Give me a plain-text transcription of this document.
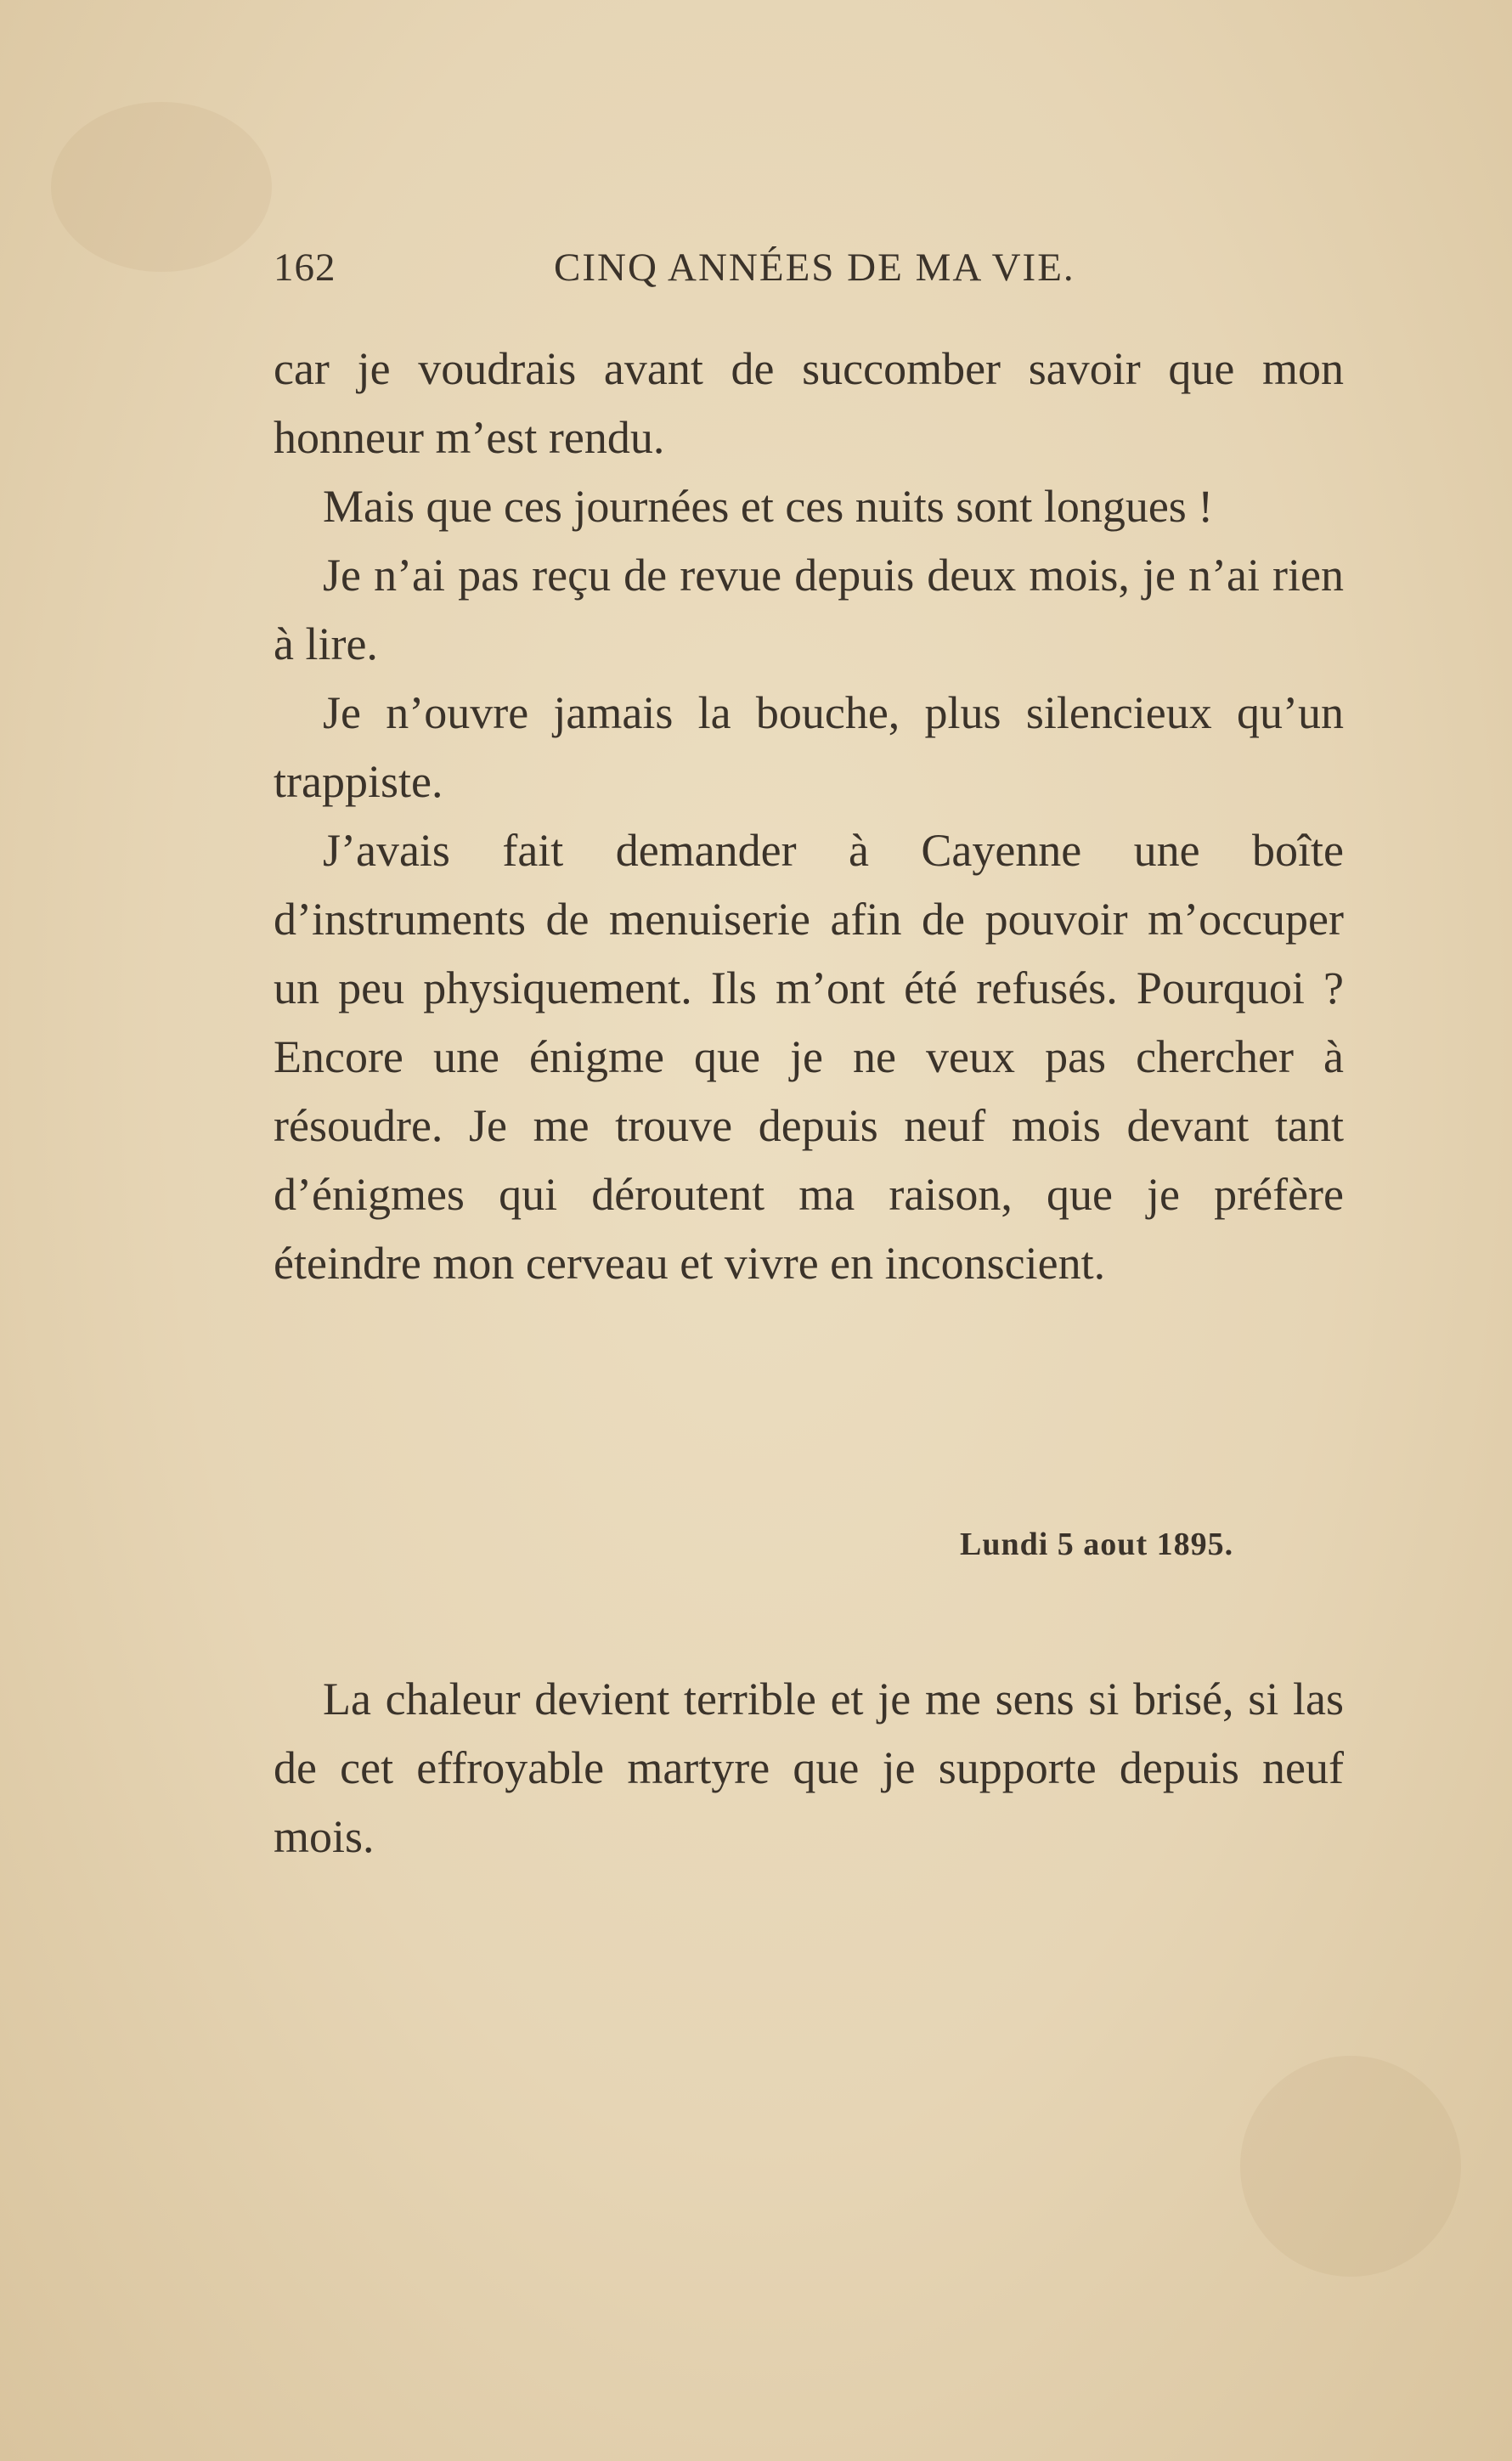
162	CINQ ANNÉES DE MA VIE.

car je voudrais avant de succomber savoir que mon honneur m’est rendu.

Mais que ces journées et ces nuits sont longues !

Je n’ai pas reçu de revue depuis deux mois, je n’ai rien à lire.

Je n’ouvre jamais la bouche, plus silencieux qu’un trappiste.

J’avais fait demander à Cayenne une boîte d’instruments de menuiserie afin de pouvoir m’occuper un peu physiquement. Ils m’ont été refusés. Pourquoi ? Encore une énigme que je ne veux pas chercher à résoudre. Je me trouve depuis neuf mois devant tant d’énigmes qui déroutent ma raison, que je préfère éteindre mon cerveau et vivre en inconscient.

Lundi 5 aout 1895.

La chaleur devient terrible et je me sens si brisé, si las de cet effroyable martyre que je supporte depuis neuf mois.
